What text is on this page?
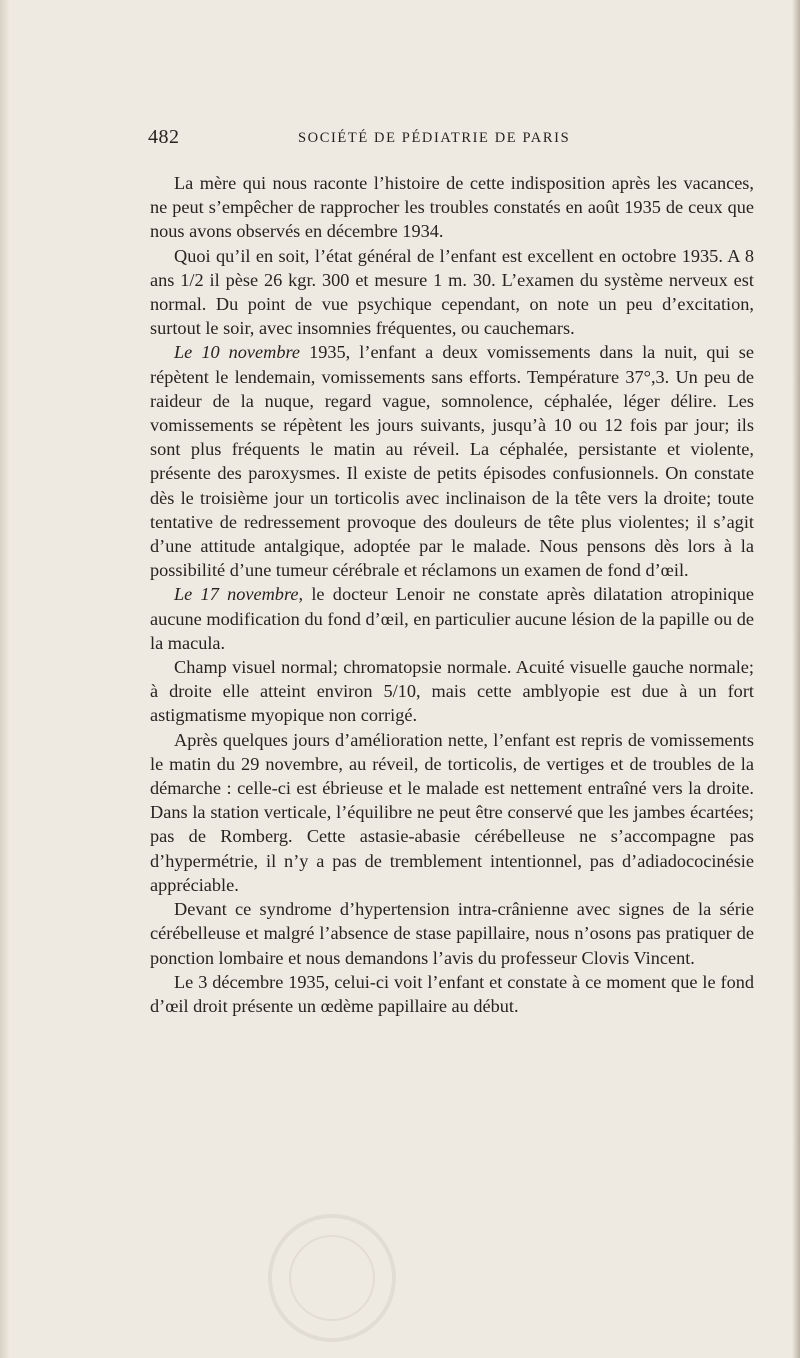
482	SOCIÉTÉ DE PÉDIATRIE DE PARIS

La mère qui nous raconte l’histoire de cette indisposition après les vacances, ne peut s’empêcher de rapprocher les troubles constatés en août 1935 de ceux que nous avons observés en décembre 1934.

Quoi qu’il en soit, l’état général de l’enfant est excellent en octobre 1935. A 8 ans 1/2 il pèse 26 kgr. 300 et mesure 1 m. 30. L’examen du système nerveux est normal. Du point de vue psychique cependant, on note un peu d’excitation, surtout le soir, avec insomnies fréquentes, ou cauchemars.

Le 10 novembre 1935, l’enfant a deux vomissements dans la nuit, qui se répètent le lendemain, vomissements sans efforts. Température 37°,3. Un peu de raideur de la nuque, regard vague, somnolence, céphalée, léger délire. Les vomissements se répètent les jours suivants, jusqu’à 10 ou 12 fois par jour; ils sont plus fréquents le matin au réveil. La céphalée, persistante et violente, présente des paroxysmes. Il existe de petits épisodes confusionnels. On constate dès le troisième jour un torticolis avec inclinaison de la tête vers la droite; toute tentative de redressement provoque des douleurs de tête plus violentes; il s’agit d’une attitude antalgique, adoptée par le malade. Nous pensons dès lors à la possibilité d’une tumeur cérébrale et réclamons un examen de fond d’œil.

Le 17 novembre, le docteur Lenoir ne constate après dilatation atropinique aucune modification du fond d’œil, en particulier aucune lésion de la papille ou de la macula.

Champ visuel normal; chromatopsie normale. Acuité visuelle gauche normale; à droite elle atteint environ 5/10, mais cette amblyopie est due à un fort astigmatisme myopique non corrigé.

Après quelques jours d’amélioration nette, l’enfant est repris de vomissements le matin du 29 novembre, au réveil, de torticolis, de vertiges et de troubles de la démarche : celle-ci est ébrieuse et le malade est nettement entraîné vers la droite. Dans la station verticale, l’équilibre ne peut être conservé que les jambes écartées; pas de Romberg. Cette astasie-abasie cérébelleuse ne s’accompagne pas d’hypermétrie, il n’y a pas de tremblement intentionnel, pas d’adiadococinésie appréciable.

Devant ce syndrome d’hypertension intra-crânienne avec signes de la série cérébelleuse et malgré l’absence de stase papillaire, nous n’osons pas pratiquer de ponction lombaire et nous demandons l’avis du professeur Clovis Vincent.

Le 3 décembre 1935, celui-ci voit l’enfant et constate à ce moment que le fond d’œil droit présente un œdème papillaire au début.
